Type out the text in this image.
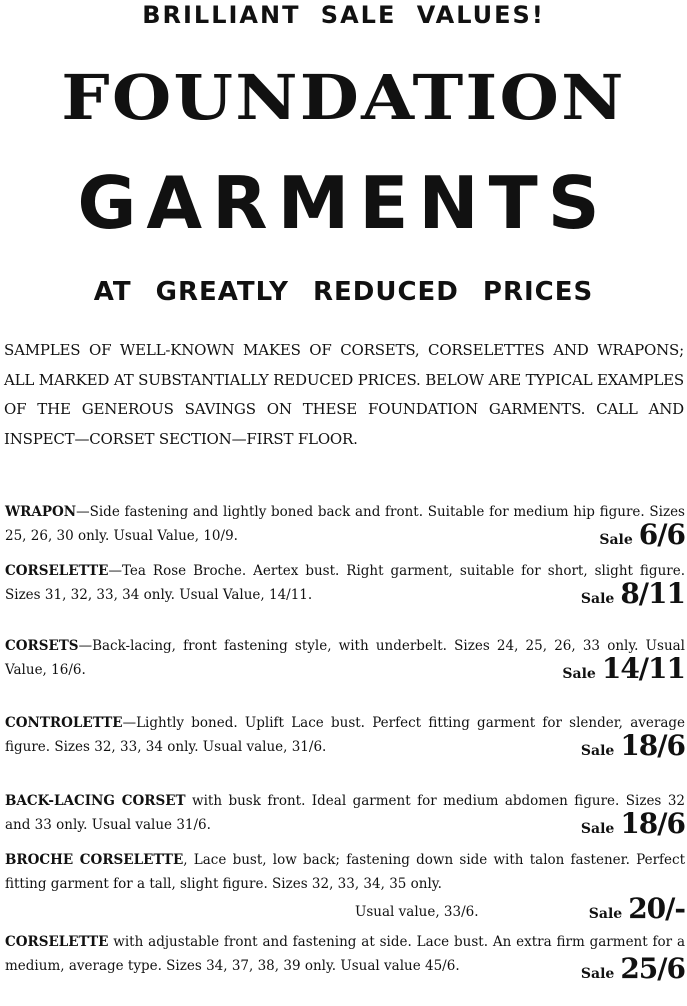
BRILLIANT SALE VALUES!
FOUNDATION
GARMENTS
AT GREATLY REDUCED PRICES
SAMPLES OF WELL-KNOWN MAKES OF CORSETS, CORSELETTES AND WRAPONS; ALL MARKED AT SUBSTANTIALLY REDUCED PRICES. BELOW ARE TYPICAL EXAMPLES OF THE GENEROUS SAVINGS ON THESE FOUNDATION GARMENTS. CALL AND INSPECT—CORSET SECTION—FIRST FLOOR.
WRAPON—Side fastening and lightly boned back and front. Suitable for medium hip figure. Sizes 25, 26, 30 only. Usual Value, 10/9.	Sale 6/6
CORSELETTE—Tea Rose Broche. Aertex bust. Right garment, suitable for short, slight figure. Sizes 31, 32, 33, 34 only. Usual Value, 14/11.	Sale 8/11
CORSETS—Back-lacing, front fastening style, with underbelt. Sizes 24, 25, 26, 33 only. Usual Value, 16/6.	Sale 14/11
CONTROLETTE—Lightly boned. Uplift Lace bust. Perfect fitting garment for slender, average figure. Sizes 32, 33, 34 only. Usual value, 31/6.	Sale 18/6
BACK-LACING CORSET with busk front. Ideal garment for medium abdomen figure. Sizes 32 and 33 only. Usual value 31/6.	Sale 18/6
BROCHE CORSELETTE, Lace bust, low back; fastening down side with talon fastener. Perfect fitting garment for a tall, slight figure. Sizes 32, 33, 34, 35 only.
Usual value, 33/6.	Sale 20/-
CORSELETTE with adjustable front and fastening at side. Lace bust. An extra firm garment for a medium, average type. Sizes 34, 37, 38, 39 only. Usual value 45/6.	Sale 25/6
